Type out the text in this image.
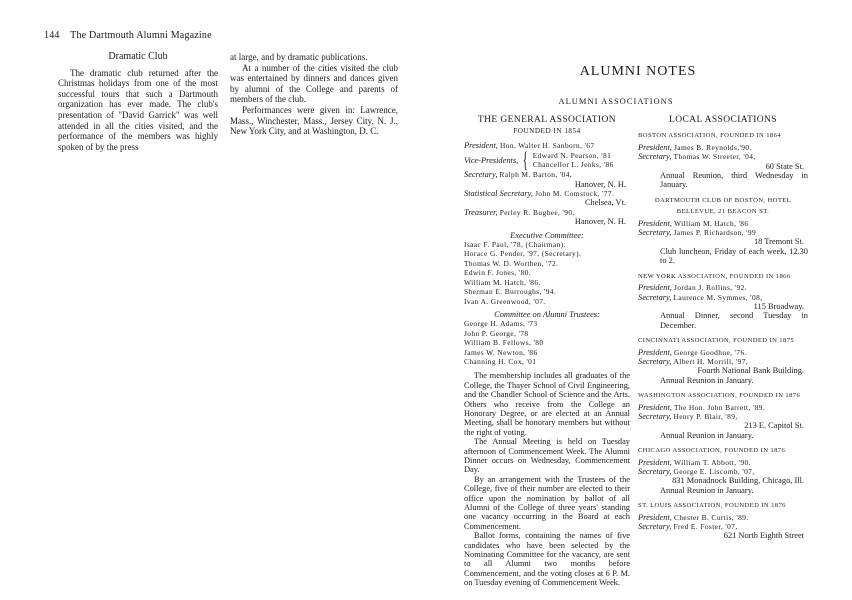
144 The Dartmouth Alumni Magazine
Dramatic Club

The dramatic club returned after the Christmas holidays from one of the most successful tours that such a Dartmouth organization has ever made. The club's presentation of "David Garrick" was well attended in all the cities visited, and the performance of the members was highly spoken of by the press

at large, and by dramatic publications.

At a number of the cities visited the club was entertained by dinners and dances given by alumni of the College and parents of members of the club.

Performances were given in: Lawrence, Mass., Winchester, Mass., Jersey City, N. J., New York City, and at Washington, D. C.

ALUMNI NOTES
ALUMNI ASSOCIATIONS
THE GENERAL ASSOCIATION
FOUNDED IN 1854
President, Hon. Walter H. Sanborn, '67
Vice-Presidents, { Edward N. Pearson, '81
Chancellor L. Jenks, '86
Secretary, Ralph M. Barton, '04,
Hanover, N. H.
Statistical Secretary, John M. Comstock, '77.
Chelsea, Vt.
Treasurer, Perley R. Bugbee, '90,
Hanover, N. H.
Executive Committee:
Isaac F. Paul, '78, (Chairman).
Horace G. Pender, '97, (Secretary).
Thomas W. D. Worthen, '72.
Edwin F. Jones, '80.
William M. Hatch, '86.
Sherman E. Burroughs, '94.
Ivan A. Greenwood, '07.
Committee on Alumni Trustees:
George H. Adams, '73
John P. George, '78
William B. Fellows, '80
James W. Newton, '86
Channing H. Cox, '01
The membership includes all graduates of the College, the Thayer School of Civil Engineering, and the Chandler School of Science and the Arts. Others who receive from the College an Honorary Degree, or are elected at an Annual Meeting, shall be honorary members but without the right of voting.
The Annual Meeting is held on Tuesday afternoon of Commencement Week. The Alumni Dinner occurs on Wednesday, Commencement Day.
By an arrangement with the Trustees of the College, five of their number are elected to their office upon the nomination by ballot of all Alumni of the College of three years' standing one vacancy occurring in the Board at each Commencement.
Ballot forms, containing the names of five candidates who have been selected by the Nominating Committee for the vacancy, are sent to all Alumni two months before Commencement, and the voting closes at 6 P. M. on Tuesday evening of Commencement Week.
LOCAL ASSOCIATIONS
BOSTON ASSOCIATION, FOUNDED IN 1864
President, James B. Reynolds,'90.
Secretary, Thomas W. Streeter, '04,
60 State St.
Annual Reunion, third Wednesday in January.
DARTMOUTH CLUB OF BOSTON, HOTEL
BELLEVUE, 21 BEACON ST.
President, William M. Hatch, '86
Secretary, James P. Richardson, '99
18 Tremont St.
Club luncheon, Friday of each week, 12.30 to 2.
NEW YORK ASSOCIATION, FOUNDED IN 1866
President, Jordan J. Rollins, '92.
Secretary, Laurence M. Symmes, '08,
115 Broadway.
Annual Dinner, second Tuesday in December.
CINCINNATI ASSOCIATION, FOUNDED IN 1875
President, George Goodhue, '76.
Secretary, Albert H. Morrill, '97,
Fourth National Bank Building.
Annual Reunion in January.
WASHINGTON ASSOCIATION, FOUNDED IN 1876
President, The Hon. John Barrett, '89.
Secretary, Henry P. Blair, '89,
213 E. Capitol St.
Annual Reunion in January.
CHICAGO ASSOCIATION, FOUNDED IN 1876
President, William T. Abbott, '90.
Secretary, George E. Liscomb, '07,
831 Monadnock Building, Chicago, Ill.
Annual Reunion in January.
ST. LOUIS ASSOCIATION, FOUNDED IN 1876
President, Chester B. Curtis, '89.
Secretary, Fred E. Foster, '07,
621 North Eighth Street
